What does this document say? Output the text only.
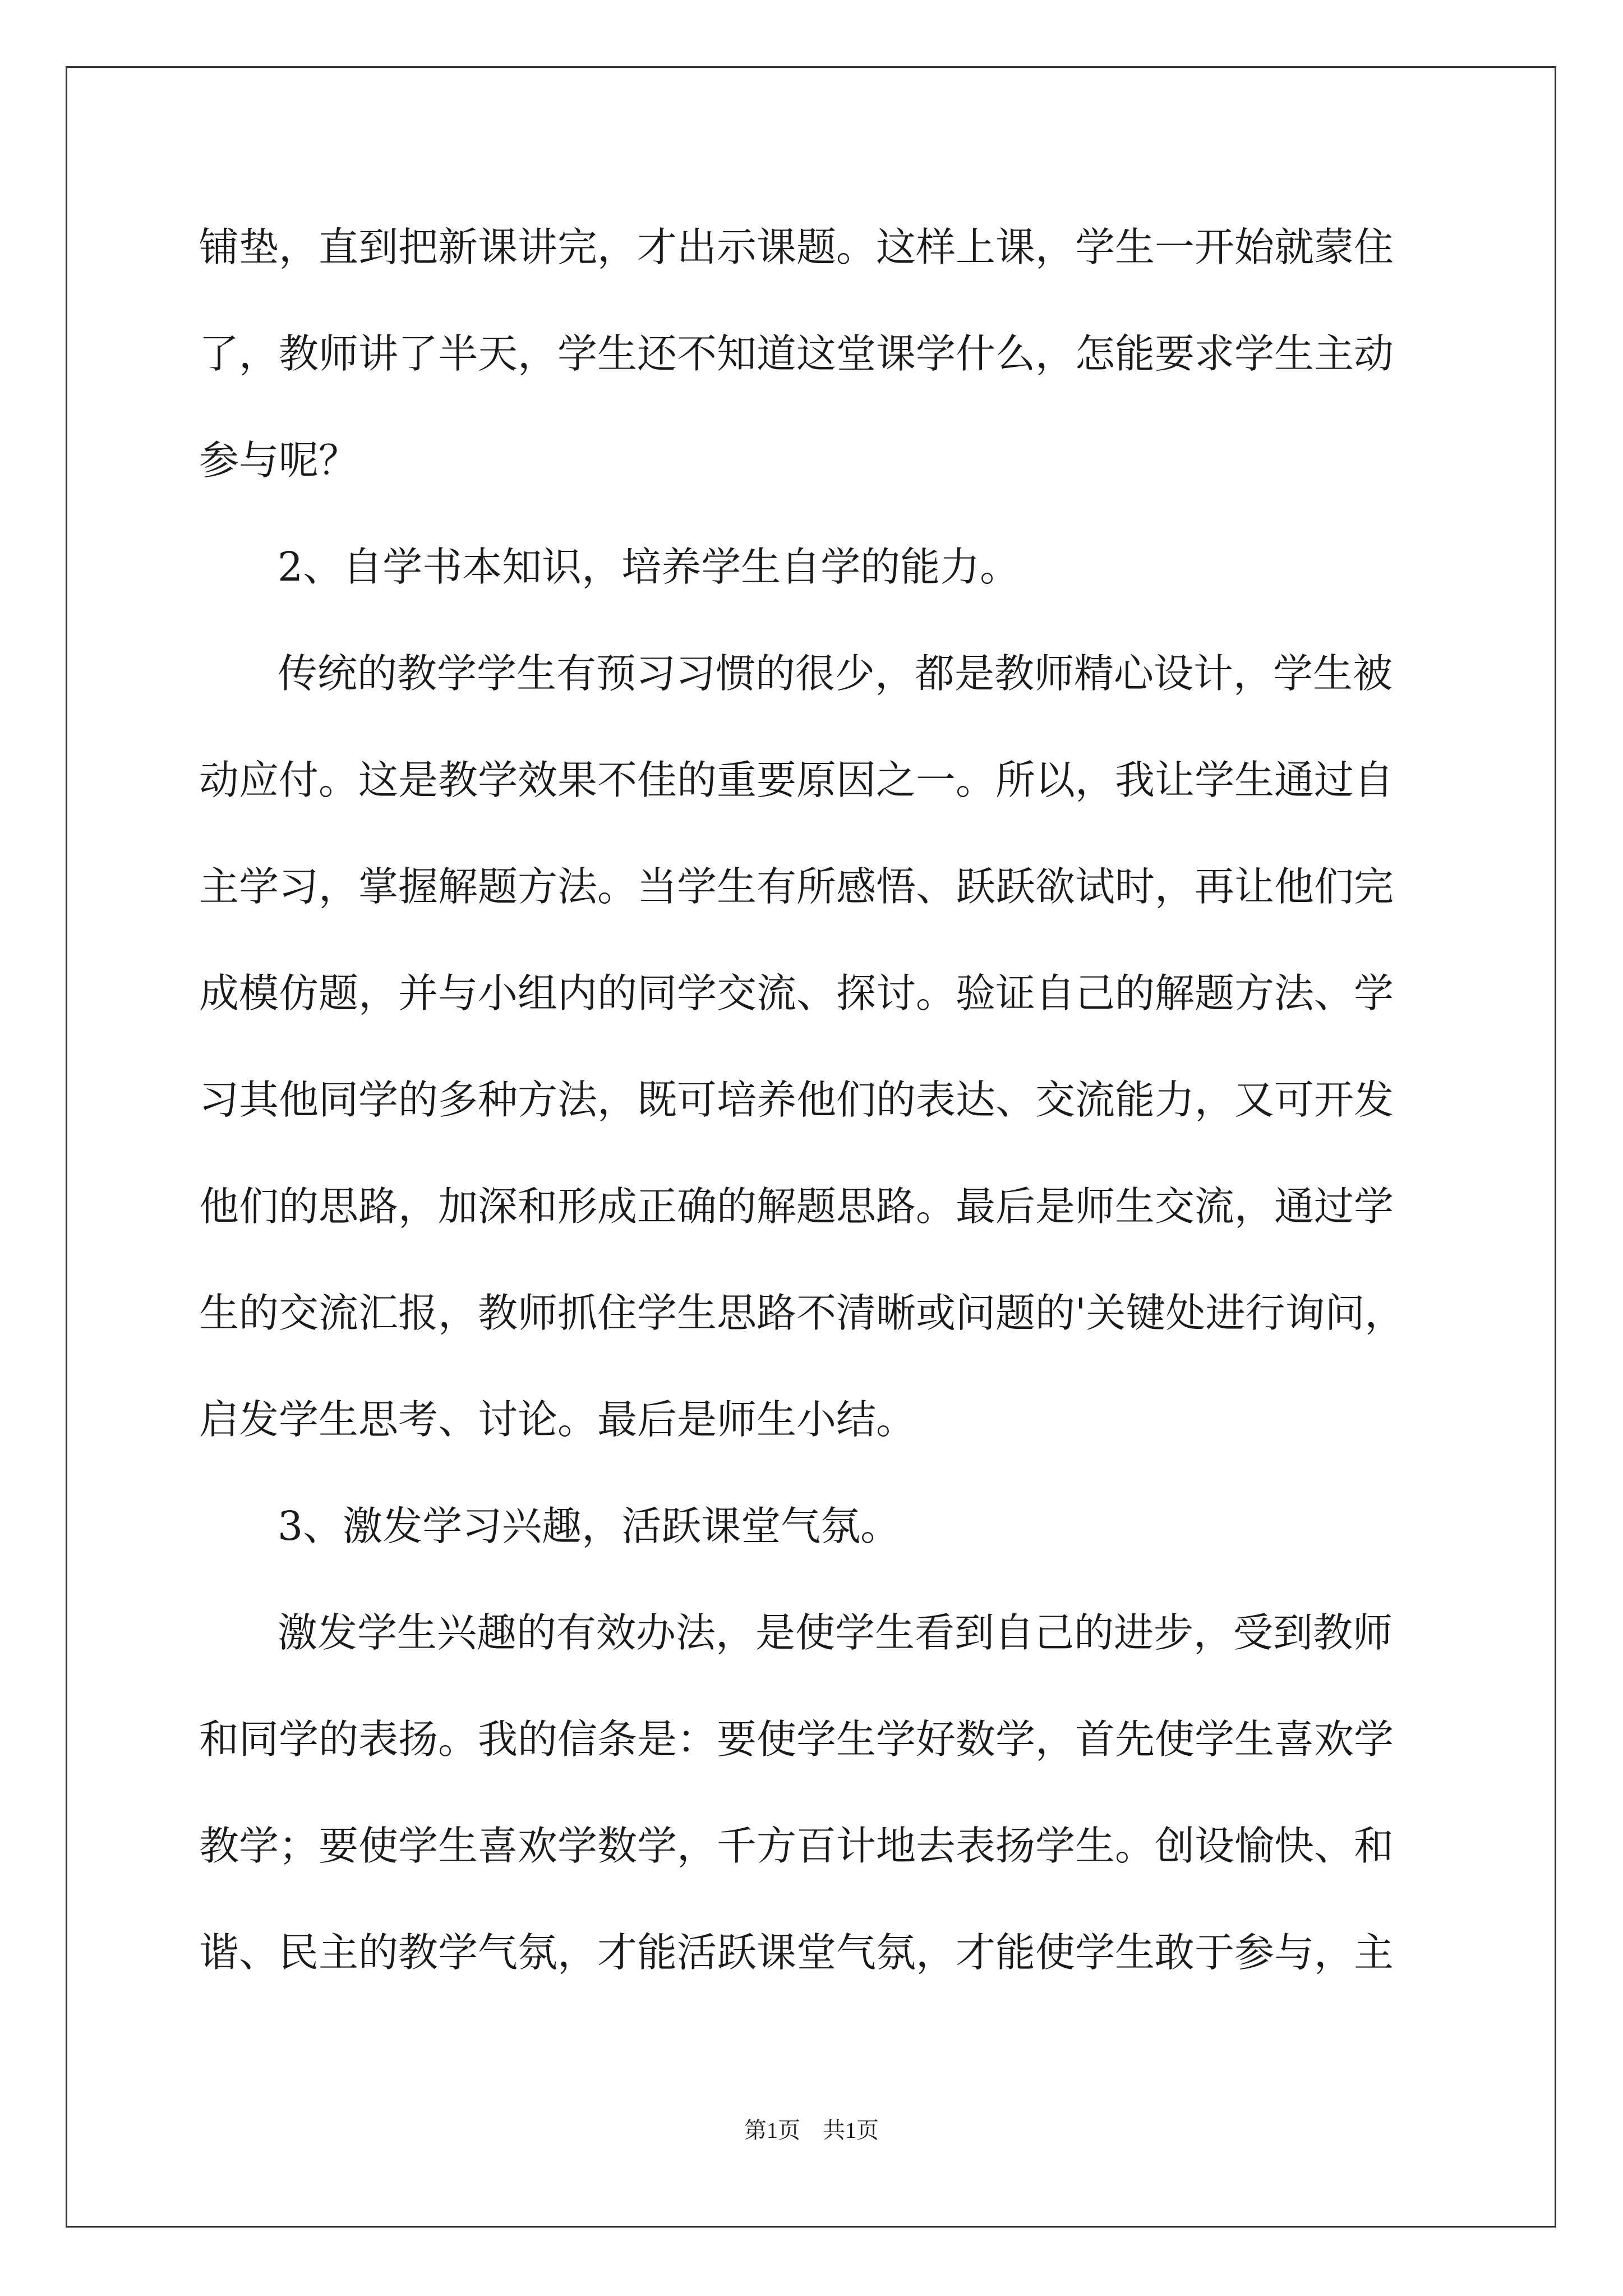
铺垫，直到把新课讲完，才出示课题。这样上课，学生一开始就蒙住

了，教师讲了半天，学生还不知道这堂课学什么，怎能要求学生主动

参与呢？

2、自学书本知识，培养学生自学的能力。

传统的教学学生有预习习惯的很少，都是教师精心设计，学生被

动应付。这是教学效果不佳的重要原因之一。所以，我让学生通过自

主学习，掌握解题方法。当学生有所感悟、跃跃欲试时，再让他们完

成模仿题，并与小组内的同学交流、探讨。验证自己的解题方法、学

习其他同学的多种方法，既可培养他们的表达、交流能力，又可开发

他们的思路，加深和形成正确的解题思路。最后是师生交流，通过学

生的交流汇报，教师抓住学生思路不清晰或问题的'关键处进行询问，

启发学生思考、讨论。最后是师生小结。

3、激发学习兴趣，活跃课堂气氛。

激发学生兴趣的有效办法，是使学生看到自己的进步，受到教师

和同学的表扬。我的信条是：要使学生学好数学，首先使学生喜欢学

教学；要使学生喜欢学数学，千方百计地去表扬学生。创设愉快、和

谐、民主的教学气氛，才能活跃课堂气氛，才能使学生敢于参与，主

第1页　共1页
